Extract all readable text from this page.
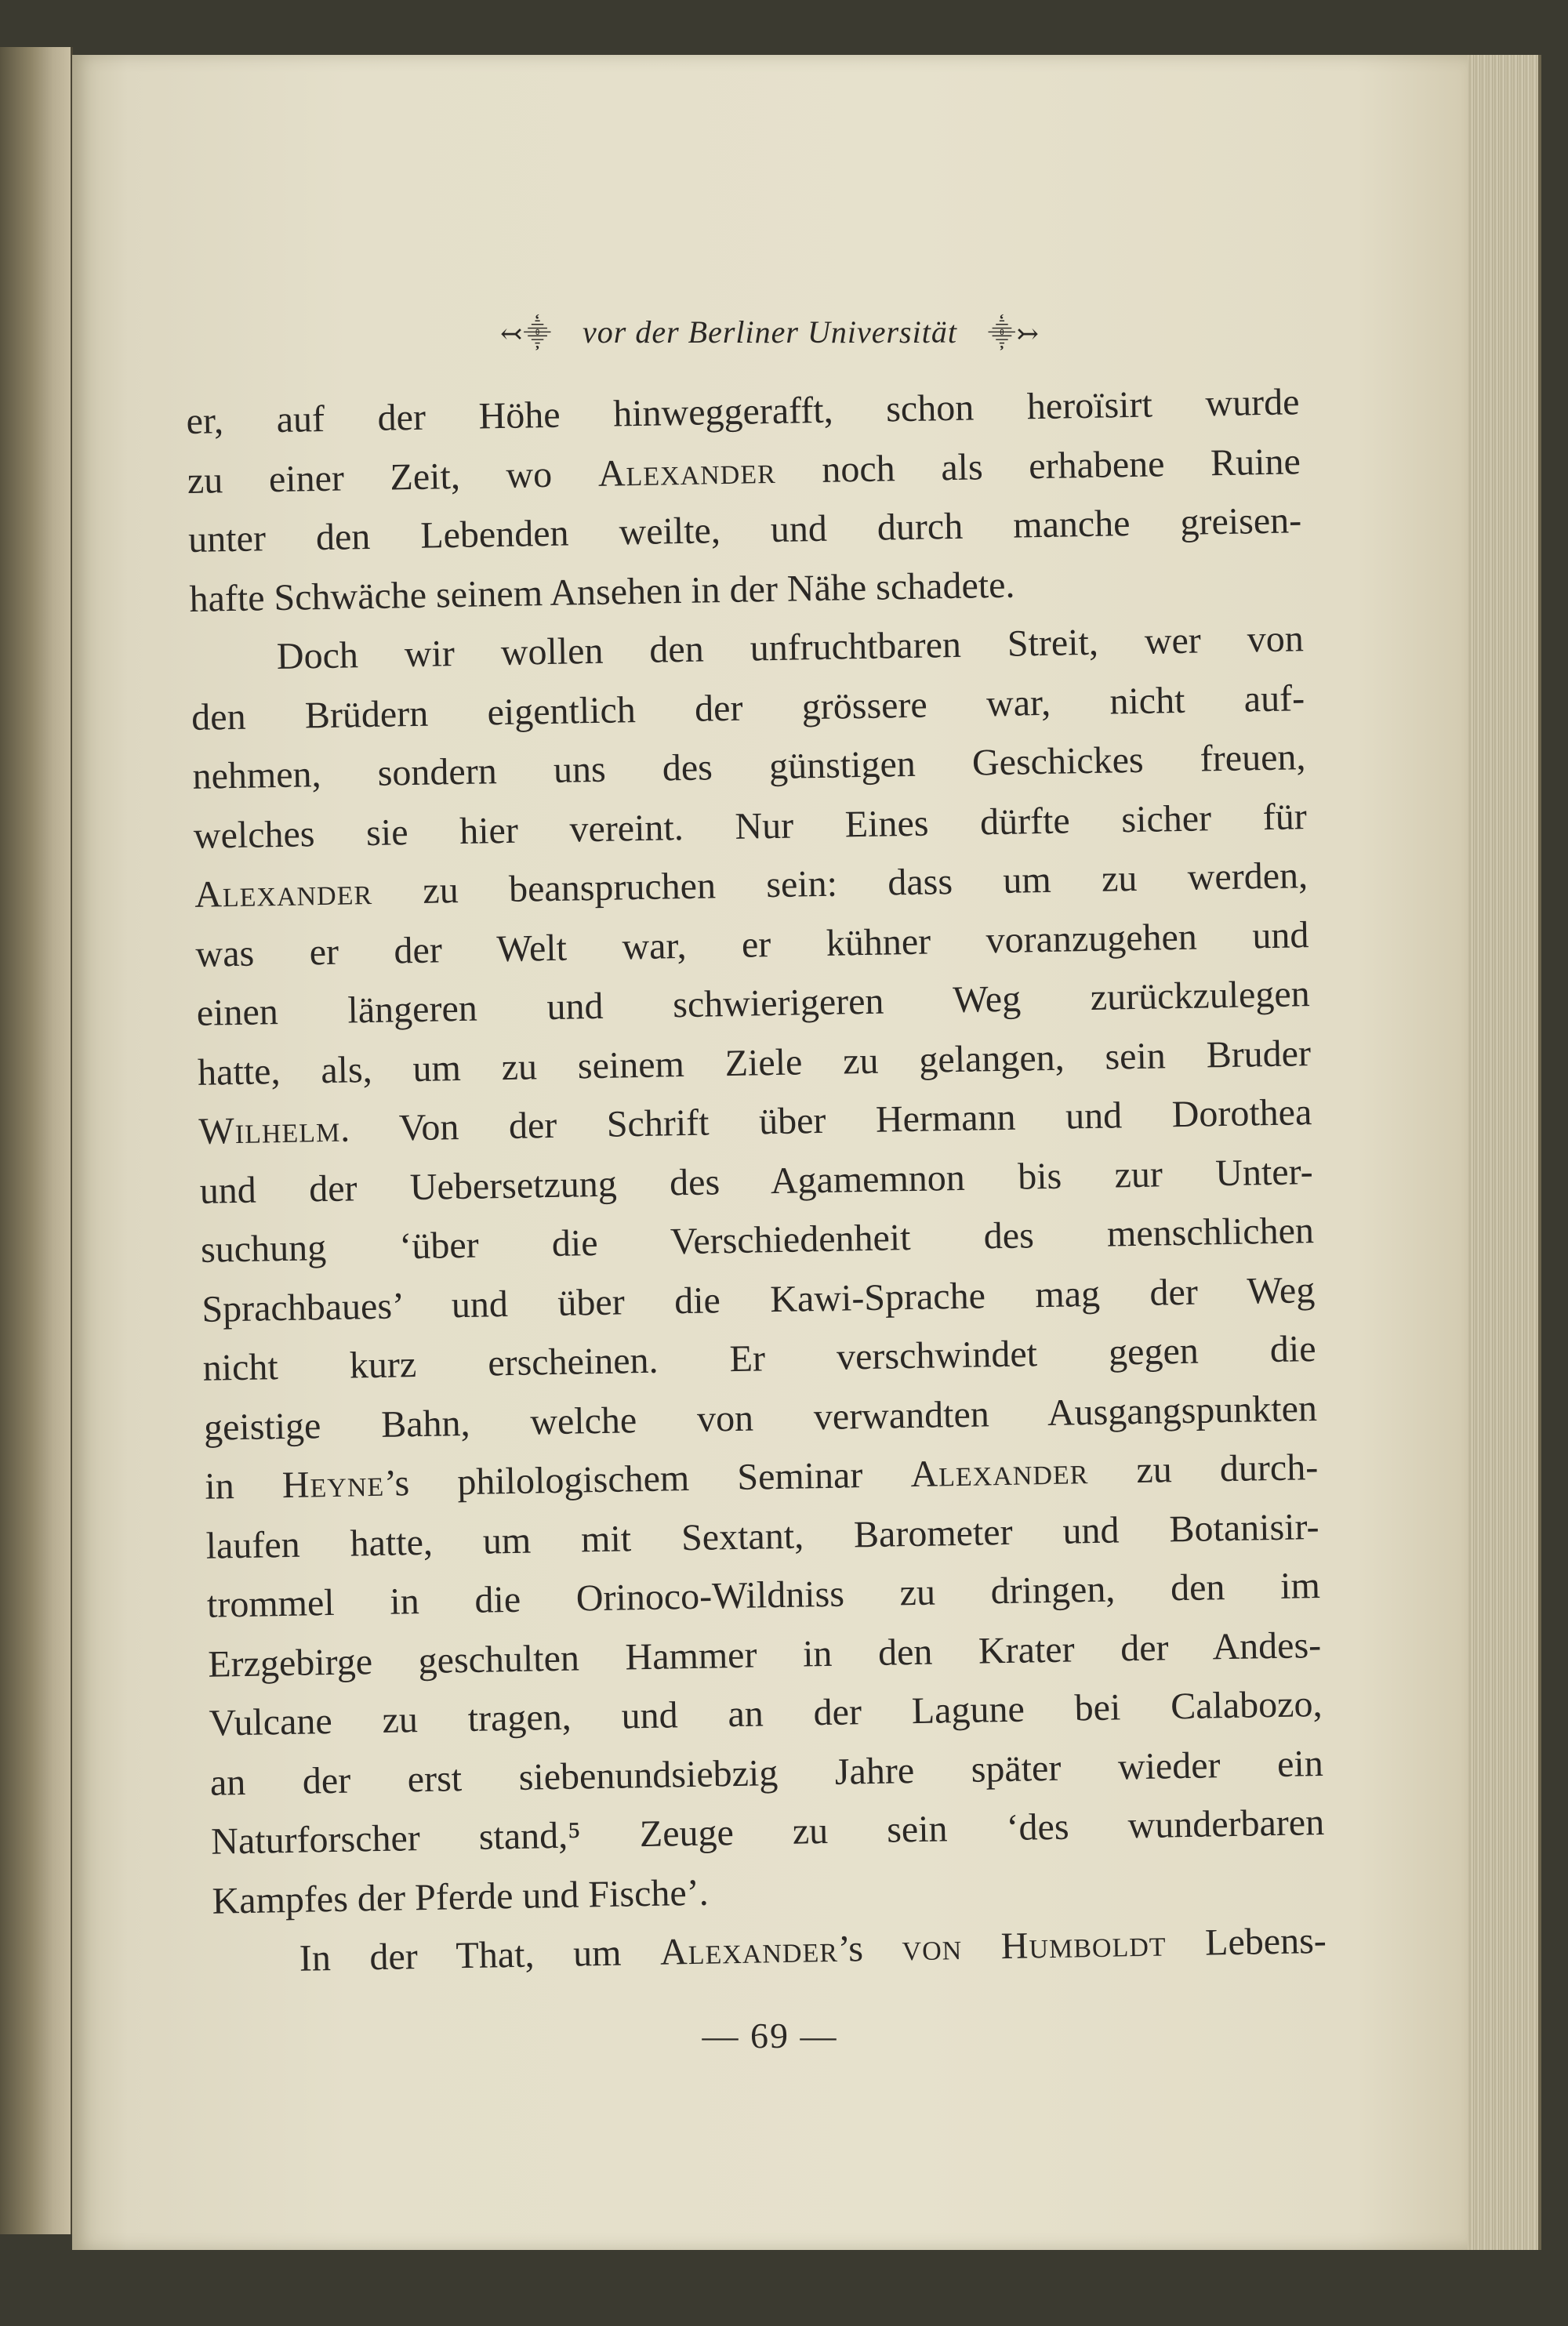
↢⸎ vor der Berliner Universität ⸎↣
er, auf der Höhe hinweggerafft, schon heroïsirt wurde
zu einer Zeit, wo Alexander noch als erhabene Ruine
unter den Lebenden weilte, und durch manche greisen-
hafte Schwäche seinem Ansehen in der Nähe schadete.
Doch wir wollen den unfruchtbaren Streit, wer von
den Brüdern eigentlich der grössere war, nicht auf-
nehmen, sondern uns des günstigen Geschickes freuen,
welches sie hier vereint. Nur Eines dürfte sicher für
Alexander zu beanspruchen sein: dass um zu werden,
was er der Welt war, er kühner voranzugehen und
einen längeren und schwierigeren Weg zurückzulegen
hatte, als, um zu seinem Ziele zu gelangen, sein Bruder
Wilhelm. Von der Schrift über Hermann und Dorothea
und der Uebersetzung des Agamemnon bis zur Unter-
suchung ‘über die Verschiedenheit des menschlichen
Sprachbaues’ und über die Kawi-Sprache mag der Weg
nicht kurz erscheinen. Er verschwindet gegen die
geistige Bahn, welche von verwandten Ausgangspunkten
in Heyne’s philologischem Seminar Alexander zu durch-
laufen hatte, um mit Sextant, Barometer und Botanisir-
trommel in die Orinoco-Wildniss zu dringen, den im
Erzgebirge geschulten Hammer in den Krater der Andes-
Vulcane zu tragen, und an der Lagune bei Calabozo,
an der erst siebenundsiebzig Jahre später wieder ein
Naturforscher stand,⁵ Zeuge zu sein ‘des wunderbaren
Kampfes der Pferde und Fische’.
In der That, um Alexander’s von Humboldt Lebens-
— 69 —
